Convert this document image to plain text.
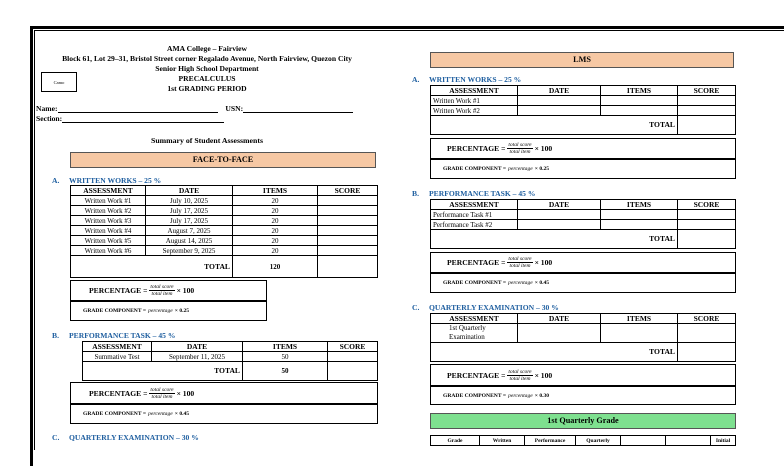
AMA College – Fairview
Block 61, Lot 29–31, Bristol Street corner Regalado Avenue, North Fairview, Quezon City
Senior High School Department
PRECALCULUS
1st GRADING PERIOD
Camo
Name:	USN:
Section:
Summary of Student Assessments
FACE-TO-FACE
A. WRITTEN WORKS – 25 %
ASSESSMENT	DATE	ITEMS	SCORE
Written Work #1	July 10, 2025	20	
Written Work #2	July 17, 2025	20	
Written Work #3	July 17, 2025	20	
Written Work #4	August 7, 2025	20	
Written Work #5	August 14, 2025	20	
Written Work #6	September 9, 2025	20	
TOTAL		120	
PERCENTAGE = $\frac{\text{total score}}{\text{total item}} \times 100$
GRADE COMPONENT = percentage × 0.25
B. PERFORMANCE TASK – 45 %
ASSESSMENT	DATE	ITEMS	SCORE
Summative Test	September 11, 2025	50	
TOTAL		50	
PERCENTAGE = $\frac{\text{total score}}{\text{total item}} \times 100$
GRADE COMPONENT = percentage × 0.45
C. QUARTERLY EXAMINATION – 30 %
LMS
A. WRITTEN WORKS – 25 %
ASSESSMENT	DATE	ITEMS	SCORE
Written Work #1			
Written Work #2			
TOTAL			
PERCENTAGE = $\frac{\text{total score}}{\text{total item}} \times 100$
GRADE COMPONENT = percentage × 0.25
B. PERFORMANCE TASK – 45 %
ASSESSMENT	DATE	ITEMS	SCORE
Performance Task #1			
Performance Task #2			
TOTAL			
PERCENTAGE = $\frac{\text{total score}}{\text{total item}} \times 100$
GRADE COMPONENT = percentage × 0.45
C. QUARTERLY EXAMINATION – 30 %
ASSESSMENT	DATE	ITEMS	SCORE
1st Quarterly
Examination			
TOTAL			
PERCENTAGE = $\frac{\text{total score}}{\text{total item}} \times 100$
GRADE COMPONENT = percentage × 0.30
1st Quarterly Grade
Grade	Written	Performance	Quarterly			Initial
